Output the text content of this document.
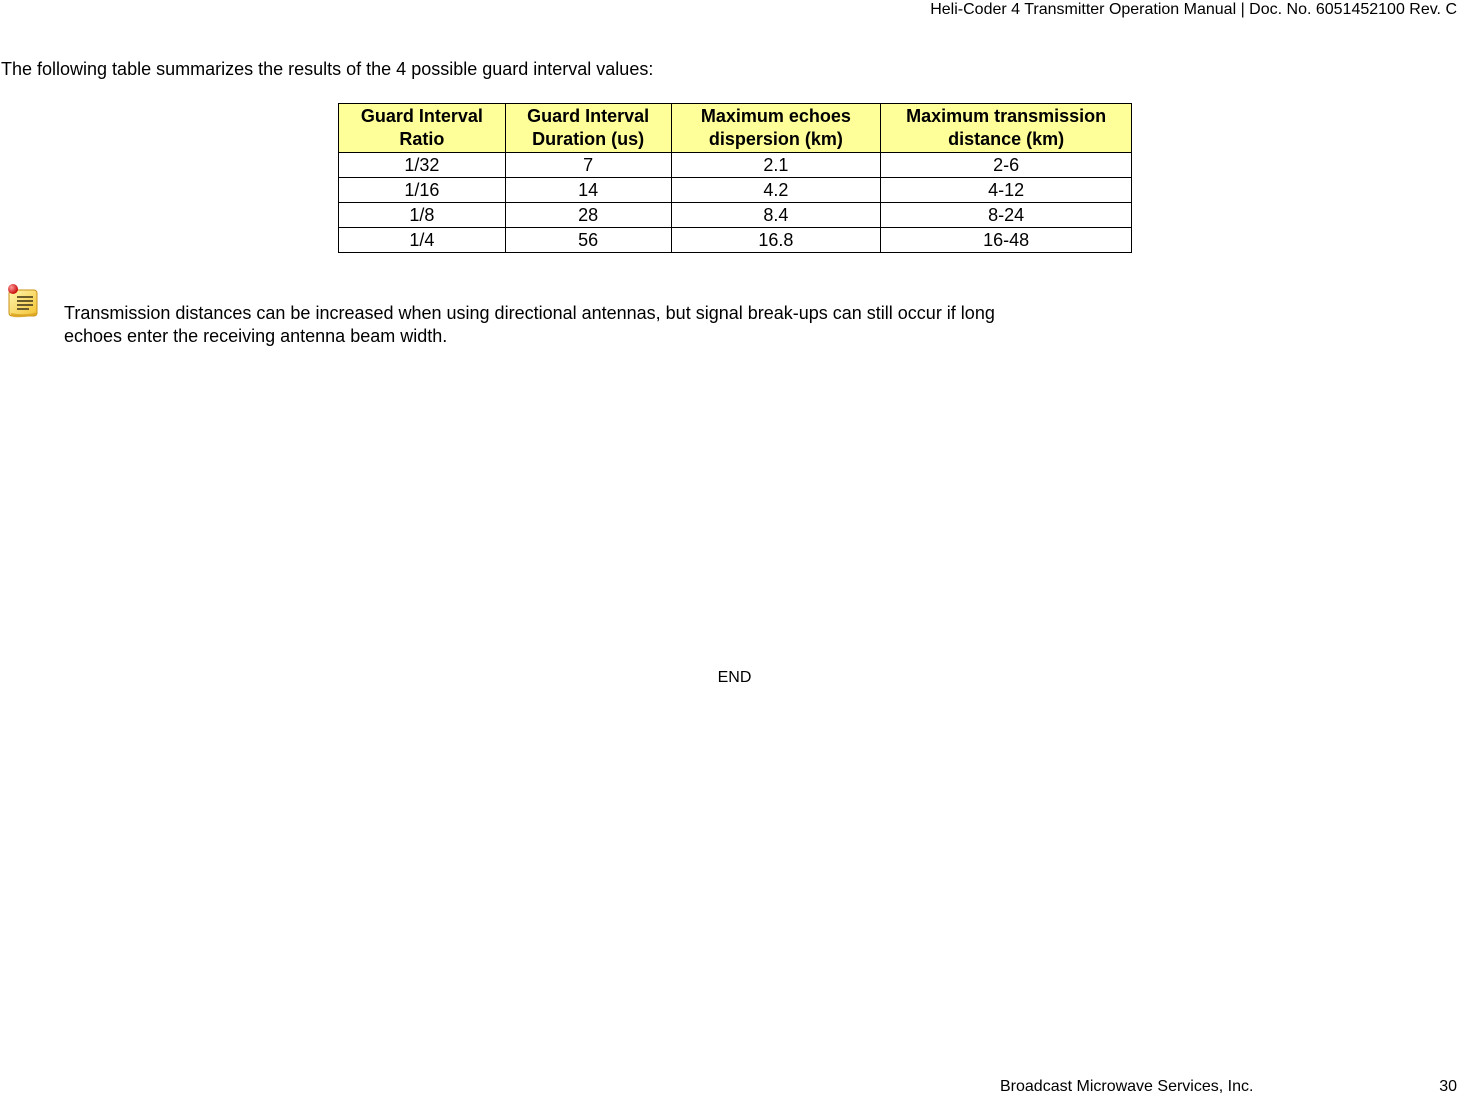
Heli-Coder 4 Transmitter Operation Manual | Doc. No. 6051452100 Rev. C
The following table summarizes the results of the 4 possible guard interval values:
Guard Interval Ratio	Guard Interval Duration (us)	Maximum echoes dispersion (km)	Maximum transmission distance (km)
1/32	7	2.1	2-6
1/16	14	4.2	4-12
1/8	28	8.4	8-24
1/4	56	16.8	16-48
Transmission distances can be increased when using directional antennas, but signal break-ups can still occur if long echoes enter the receiving antenna beam width.
END
Broadcast Microwave Services, Inc.	30
